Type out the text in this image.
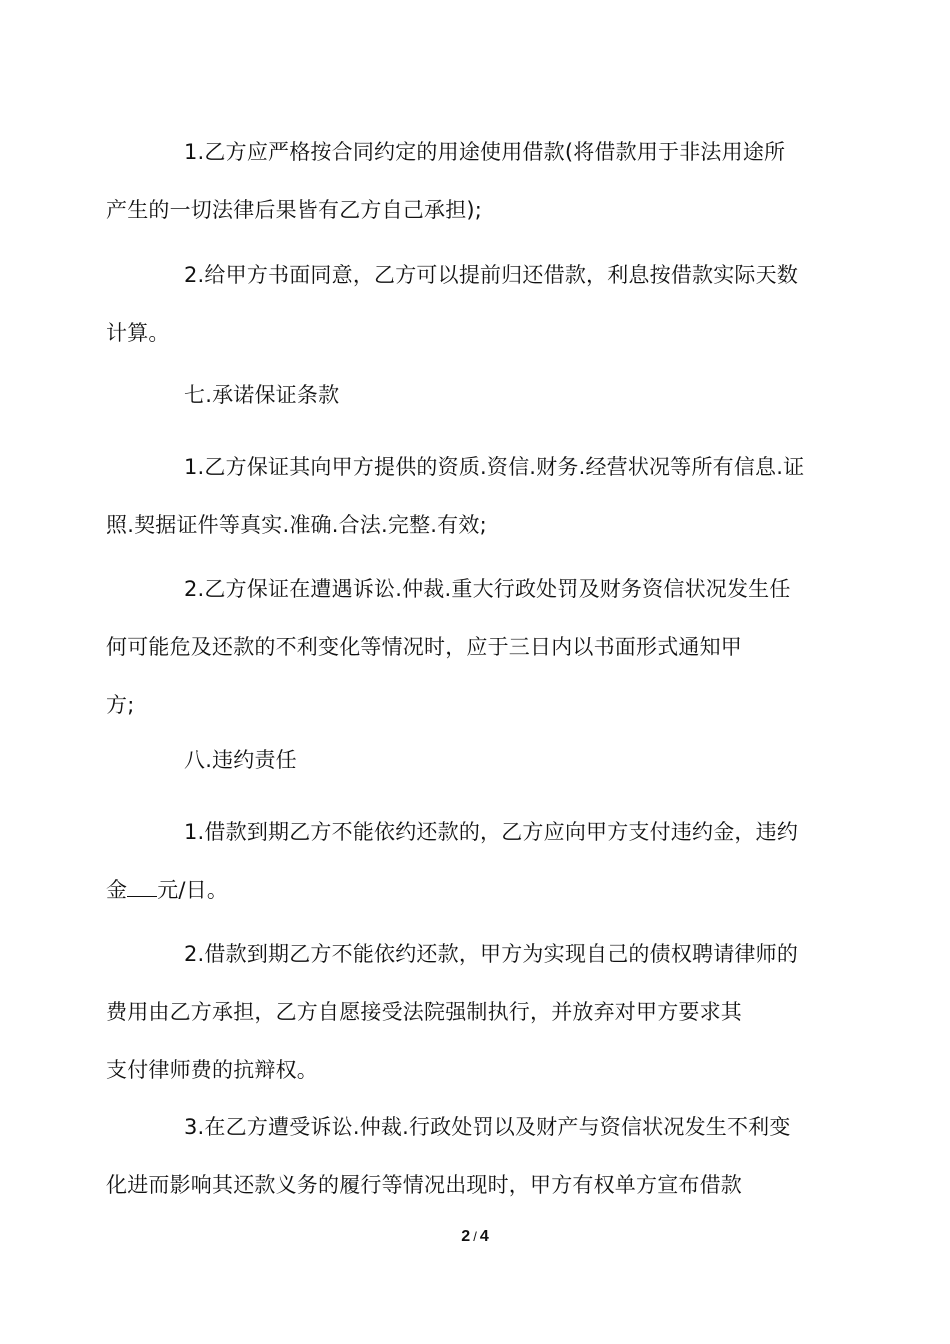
1.乙方应严格按合同约定的用途使用借款(将借款用于非法用途所
产生的一切法律后果皆有乙方自己承担);
2.给甲方书面同意，乙方可以提前归还借款，利息按借款实际天数
计算。
七.承诺保证条款
1.乙方保证其向甲方提供的资质.资信.财务.经营状况等所有信息.证
照.契据证件等真实.准确.合法.完整.有效;
2.乙方保证在遭遇诉讼.仲裁.重大行政处罚及财务资信状况发生任
何可能危及还款的不利变化等情况时，应于三日内以书面形式通知甲
方;
八.违约责任
1.借款到期乙方不能依约还款的，乙方应向甲方支付违约金，违约
金 元/日。
2.借款到期乙方不能依约还款，甲方为实现自己的债权聘请律师的
费用由乙方承担，乙方自愿接受法院强制执行，并放弃对甲方要求其
支付律师费的抗辩权。
3.在乙方遭受诉讼.仲裁.行政处罚以及财产与资信状况发生不利变
化进而影响其还款义务的履行等情况出现时，甲方有权单方宣布借款
2 / 4
